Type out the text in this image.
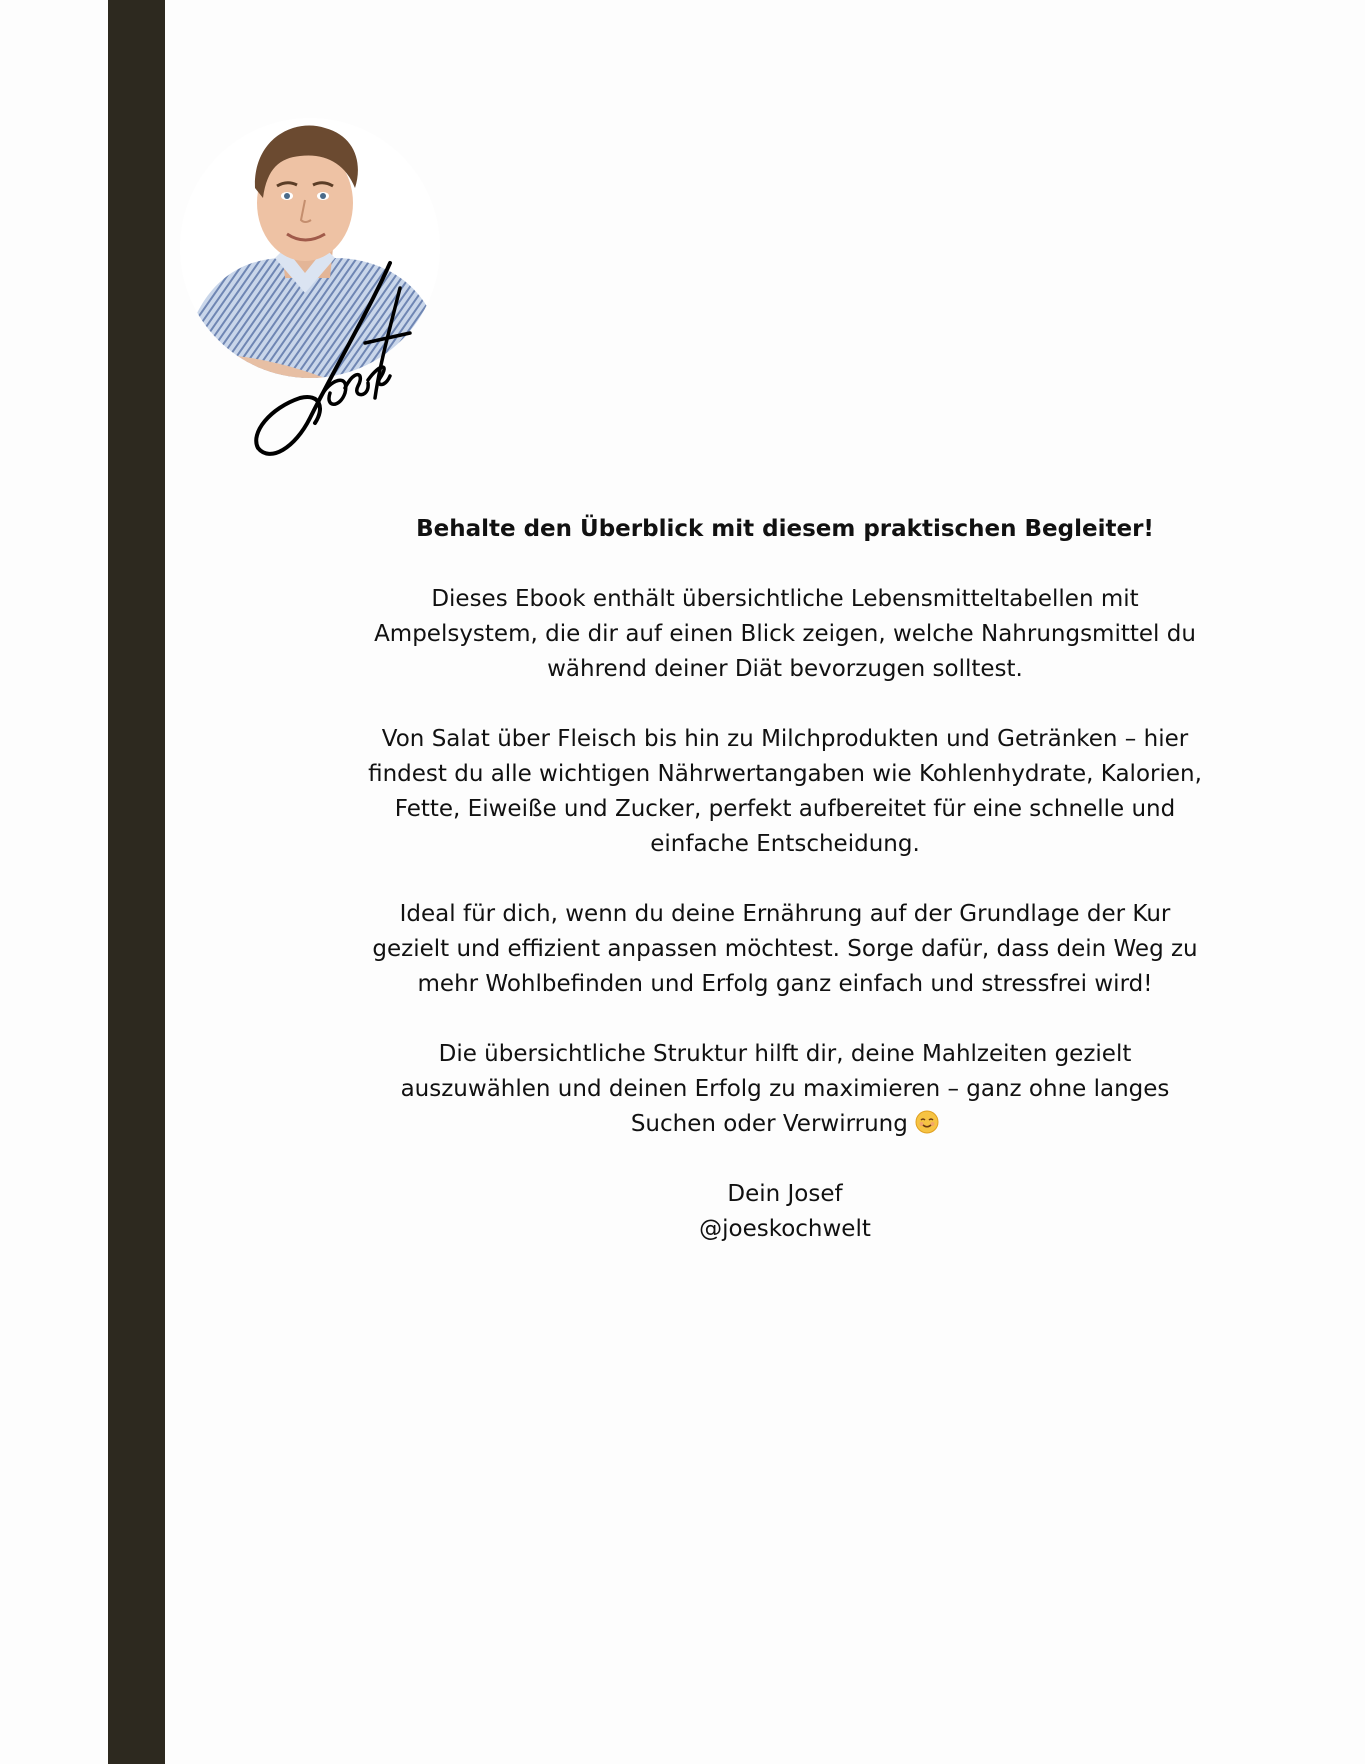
Behalte den Überblick mit diesem praktischen Begleiter!

Dieses Ebook enthält übersichtliche Lebensmitteltabellen mit Ampelsystem, die dir auf einen Blick zeigen, welche Nahrungsmittel du während deiner Diät bevorzugen solltest.

Von Salat über Fleisch bis hin zu Milchprodukten und Getränken – hier findest du alle wichtigen Nährwertangaben wie Kohlenhydrate, Kalorien, Fette, Eiweiße und Zucker, perfekt aufbereitet für eine schnelle und einfache Entscheidung.

Ideal für dich, wenn du deine Ernährung auf der Grundlage der Kur gezielt und effizient anpassen möchtest. Sorge dafür, dass dein Weg zu mehr Wohlbefinden und Erfolg ganz einfach und stressfrei wird!

Die übersichtliche Struktur hilft dir, deine Mahlzeiten gezielt auszuwählen und deinen Erfolg zu maximieren – ganz ohne langes Suchen oder Verwirrung

Dein Josef
@joeskochwelt
